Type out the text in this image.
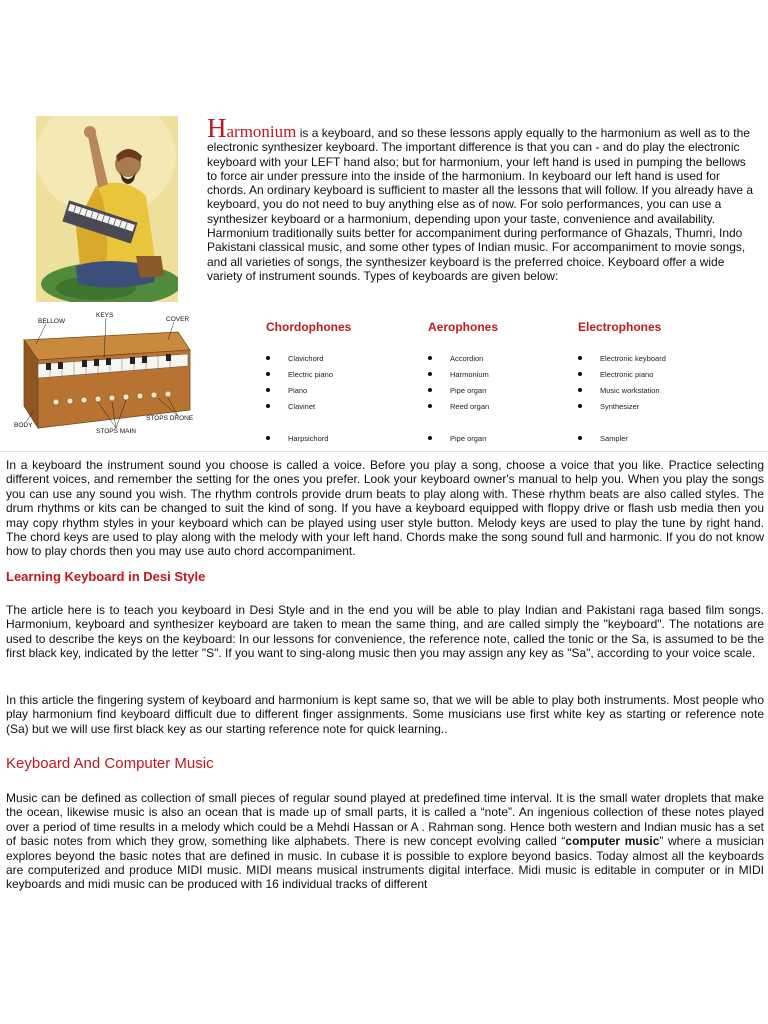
BELLOW
KEYS
COVER
BODY
STOPS DRONE
STOPS MAIN
Harmonium is a keyboard, and so these lessons apply equally to the harmonium as well as to the electronic synthesizer keyboard. The important difference is that you can - and do play the electronic keyboard with your LEFT hand also; but for harmonium, your left hand is used in pumping the bellows to force air under pressure into the inside of the harmonium. In keyboard our left hand is used for chords. An ordinary keyboard is sufficient to master all the lessons that will follow. If you already have a keyboard, you do not need to buy anything else as of now. For solo performances, you can use a synthesizer keyboard or a harmonium, depending upon your taste, convenience and availability. Harmonium traditionally suits better for accompaniment during performance of Ghazals, Thumri, Indo Pakistani classical music, and some other types of Indian music. For accompaniment to movie songs, and all varieties of songs, the synthesizer keyboard is the preferred choice. Keyboard offer a wide variety of instrument sounds. Types of keyboards are given below:
Chordophones
Clavichord
Electric piano
Piano
Clavinet
Harpsichord
Aerophones
Accordion
Harmonium
Pipe organ
Reed organ
Pipe organ
Electrophones
Electronic keyboard
Electronic piano
Music workstation
Synthesizer
Sampler
In a keyboard the instrument sound you choose is called a voice. Before you play a song, choose a voice that you like. Practice selecting different voices, and remember the setting for the ones you prefer. Look your keyboard owner's manual to help you. When you play the songs you can use any sound you wish. The rhythm controls provide drum beats to play along with. These rhythm beats are also called styles. The drum rhythms or kits can be changed to suit the kind of song. If you have a keyboard equipped with floppy drive or flash usb media then you may copy rhythm styles in your keyboard which can be played using user style button. Melody keys are used to play the tune by right hand. The chord keys are used to play along with the melody with your left hand. Chords make the song sound full and harmonic. If you do not know how to play chords then you may use auto chord accompaniment.
Learning Keyboard in Desi Style
The article here is to teach you keyboard in Desi Style and in the end you will be able to play Indian and Pakistani raga based film songs. Harmonium, keyboard and synthesizer keyboard are taken to mean the same thing, and are called simply the "keyboard". The notations are used to describe the keys on the keyboard: In our lessons for convenience, the reference note, called the tonic or the Sa, is assumed to be the first black key, indicated by the letter "S". If you want to sing-along music then you may assign any key as "Sa", according to your voice scale.
In this article the fingering system of keyboard and harmonium is kept same so, that we will be able to play both instruments. Most people who play harmonium find keyboard difficult due to different finger assignments. Some musicians use first white key as starting or reference note (Sa) but we will use first black key as our starting reference note for quick learning..
Keyboard And Computer Music
Music can be defined as collection of small pieces of regular sound played at predefined time interval. It is the small water droplets that make the ocean, likewise music is also an ocean that is made up of small parts, it is called a “note”. An ingenious collection of these notes played over a period of time results in a melody which could be a Mehdi Hassan or A . Rahman song. Hence both western and Indian music has a set of basic notes from which they grow, something like alphabets. There is new concept evolving called “computer music” where a musician explores beyond the basic notes that are defined in music. In cubase it is possible to explore beyond basics. Today almost all the keyboards are computerized and produce MIDI music. MIDI means musical instruments digital interface. Midi music is editable in computer or in MIDI keyboards and midi music can be produced with 16 individual tracks of different
